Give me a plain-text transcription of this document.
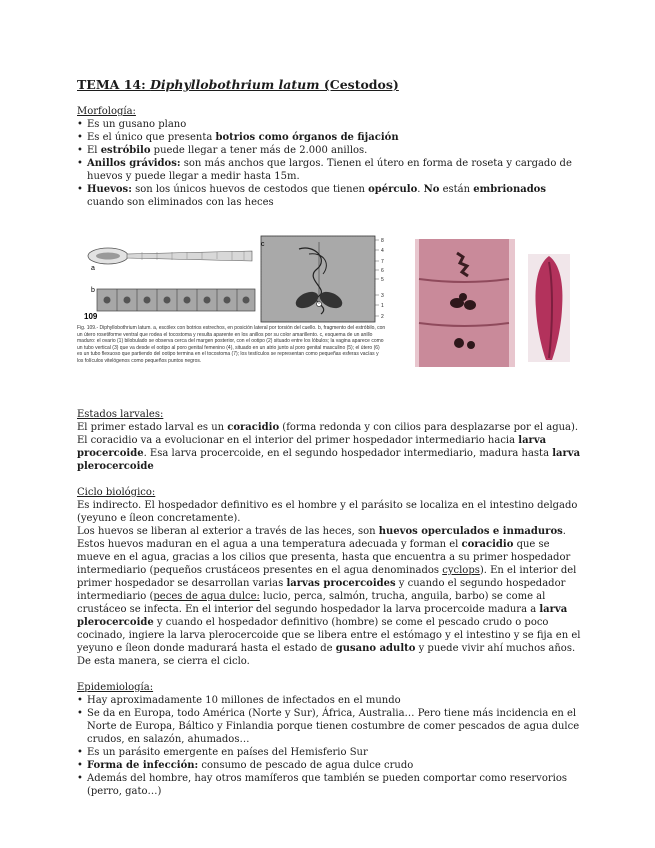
TEMA 14: Diphyllobothrium latum (Cestodos)
Morfología:
• Es un gusano plano
• Es el único que presenta botrios como órganos de fijación
• El estróbilo puede llegar a tener más de 2.000 anillos.
• Anillos grávidos: son más anchos que largos. Tienen el útero en forma de roseta y cargado de huevos y puede llegar a medir hasta 15m.
• Huevos: son los únicos huevos de cestodos que tienen opérculo. No están embrionados cuando son eliminados con las heces
a
b
109
c	8
4
7
6
5
3
1
2
Fig. 109.- Diphyllobothrium latum. a, escólex con botrios estrechos, en posición lateral por torsión del cuello. b, fragmento del estróbilo, con un útero rosetiforme ventral que rodea el tocostoma y resulta aparente en los anillos por su color amarillento. c, esquema de un anillo maduro: el ovario (1) bilobulado se observa cerca del margen posterior, con el ootipo (2) situado entre los lóbulos; la vagina aparece como un tubo vertical (3) que va desde el ootipo al poro genital femenino (4), situado en un atrio junto al poro genital masculino (5); el útero (6) es un tubo flexuoso que partiendo del ootipo termina en el tocostoma (7); los testículos se representan como pequeñas esferas vacías y los folículos vitelógenos como pequeños puntos negros.
Estados larvales:

El primer estado larval es un coracidio (forma redonda y con cilios para desplazarse por el agua). El coracidio va a evolucionar en el interior del primer hospedador intermediario hacia larva procercoide. Esa larva procercoide, en el segundo hospedador intermediario, madura hasta larva plerocercoide

Ciclo biológico:

Es indirecto. El hospedador definitivo es el hombre y el parásito se localiza en el intestino delgado (yeyuno e íleon concretamente).

Los huevos se liberan al exterior a través de las heces, son huevos operculados e inmaduros. Estos huevos maduran en el agua a una temperatura adecuada y forman el coracidio que se mueve en el agua, gracias a los cilios que presenta, hasta que encuentra a su primer hospedador intermediario (pequeños crustáceos presentes en el agua denominados cyclops). En el interior del primer hospedador se desarrollan varias larvas procercoides y cuando el segundo hospedador intermediario (peces de agua dulce: lucio, perca, salmón, trucha, anguila, barbo) se come al crustáceo se infecta. En el interior del segundo hospedador la larva procercoide madura a larva plerocercoide y cuando el hospedador definitivo (hombre) se come el pescado crudo o poco cocinado, ingiere la larva plerocercoide que se libera entre el estómago y el intestino y se fija en el yeyuno e íleon donde madurará hasta el estado de gusano adulto y puede vivir ahí muchos años. De esta manera, se cierra el ciclo.

Epidemiología:
• Hay aproximadamente 10 millones de infectados en el mundo
• Se da en Europa, todo América (Norte y Sur), África, Australia… Pero tiene más incidencia en el Norte de Europa, Báltico y Finlandia porque tienen costumbre de comer pescados de agua dulce crudos, en salazón, ahumados…
• Es un parásito emergente en países del Hemisferio Sur
• Forma de infección: consumo de pescado de agua dulce crudo
• Además del hombre, hay otros mamíferos que también se pueden comportar como reservorios (perro, gato…)
